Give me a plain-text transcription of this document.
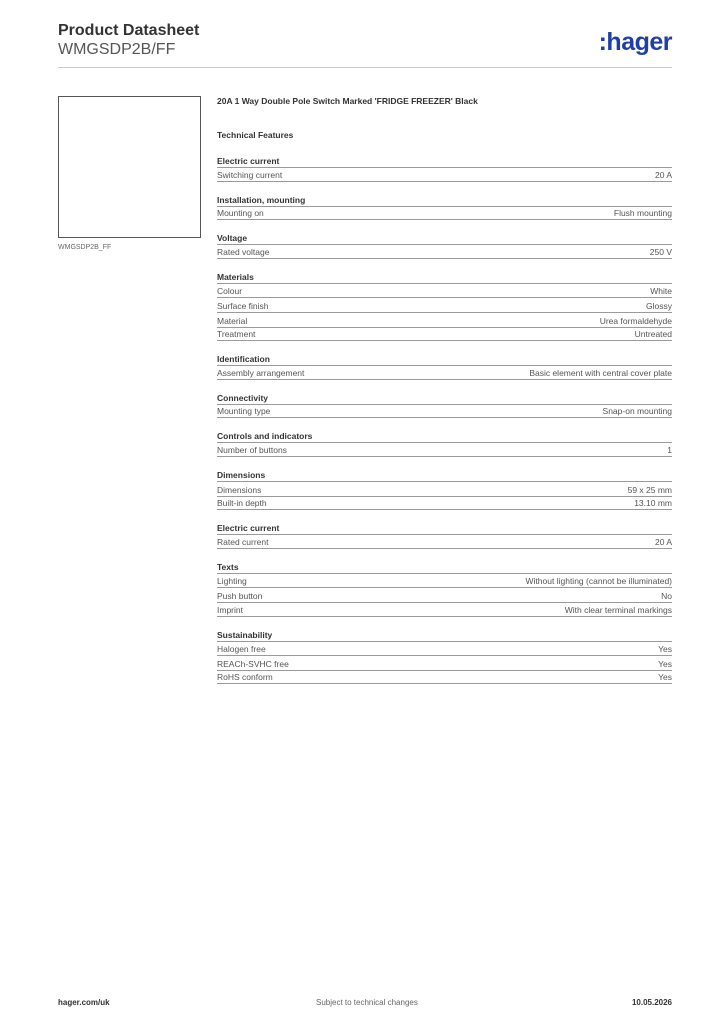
Product Datasheet
WMGSDP2B/FF	:hager
WMGSDP2B_FF
20A 1 Way Double Pole Switch Marked 'FRIDGE FREEZER' Black
Technical Features
Electric current
Switching current	20 A
Installation, mounting
Mounting on	Flush mounting
Voltage
Rated voltage	250 V
Materials
Colour	White
Surface finish	Glossy
Material	Urea formaldehyde
Treatment	Untreated
Identification
Assembly arrangement	Basic element with central cover plate
Connectivity
Mounting type	Snap-on mounting
Controls and indicators
Number of buttons	1
Dimensions
Dimensions	59 x 25 mm
Built-in depth	13.10 mm
Electric current
Rated current	20 A
Texts
Lighting	Without lighting (cannot be illuminated)
Push button	No
Imprint	With clear terminal markings
Sustainability
Halogen free	Yes
REACh-SVHC free	Yes
RoHS conform	Yes
hager.com/uk	Subject to technical changes	10.05.2026
